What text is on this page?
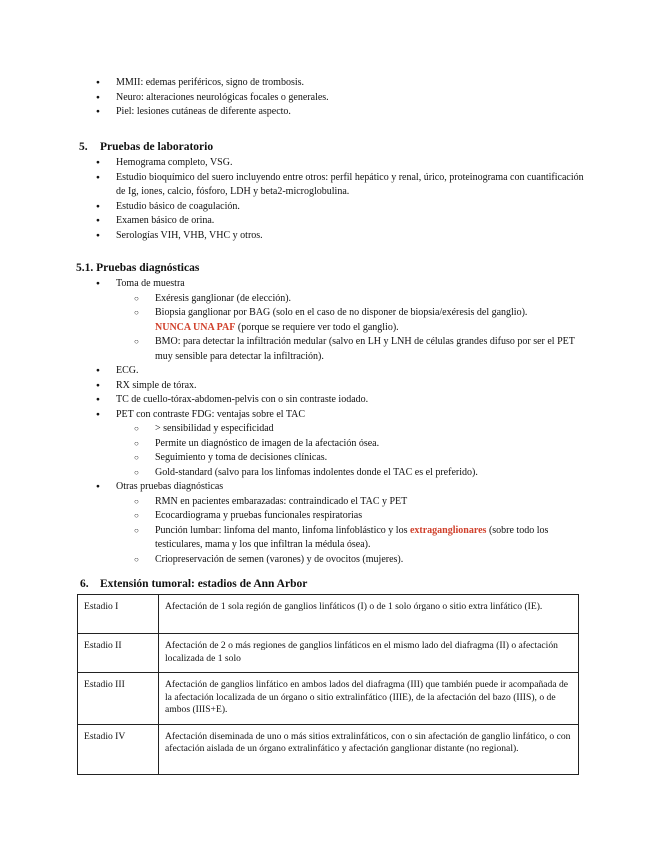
● MMII: edemas periféricos, signo de trombosis.
● Neuro: alteraciones neurológicas focales o generales.
● Piel: lesiones cutáneas de diferente aspecto.
5. Pruebas de laboratorio
● Hemograma completo, VSG.
● Estudio bioquímico del suero incluyendo entre otros: perfil hepático y renal, úrico, proteinograma con cuantificación de Ig, iones, calcio, fósforo, LDH y beta2-microglobulina.
● Estudio básico de coagulación.
● Examen básico de orina.
● Serologías VIH, VHB, VHC y otros.
5.1. Pruebas diagnósticas
● Toma de muestra
○ Exéresis ganglionar (de elección).
○ Biopsia ganglionar por BAG (solo en el caso de no disponer de biopsia/exéresis del ganglio).
NUNCA UNA PAF (porque se requiere ver todo el ganglio).
○ BMO: para detectar la infiltración medular (salvo en LH y LNH de células grandes difuso por ser el PET muy sensible para detectar la infiltración).
● ECG.
● RX simple de tórax.
● TC de cuello-tórax-abdomen-pelvis con o sin contraste iodado.
● PET con contraste FDG: ventajas sobre el TAC
○ > sensibilidad y especificidad
○ Permite un diagnóstico de imagen de la afectación ósea.
○ Seguimiento y toma de decisiones clínicas.
○ Gold-standard (salvo para los linfomas indolentes donde el TAC es el preferido).
● Otras pruebas diagnósticas
○ RMN en pacientes embarazadas: contraindicado el TAC y PET
○ Ecocardiograma y pruebas funcionales respiratorias
○ Punción lumbar: linfoma del manto, linfoma linfoblástico y los extraganglionares (sobre todo los testiculares, mama y los que infiltran la médula ósea).
○ Criopreservación de semen (varones) y de ovocitos (mujeres).
6. Extensión tumoral: estadios de Ann Arbor
Estadio I	Afectación de 1 sola región de ganglios linfáticos (I) o de 1 solo órgano o sitio extra linfático (IE).
Estadio II	Afectación de 2 o más regiones de ganglios linfáticos en el mismo lado del diafragma (II) o afectación localizada de 1 solo
Estadio III	Afectación de ganglios linfático en ambos lados del diafragma (III) que también puede ir acompañada de la afectación localizada de un órgano o sitio extralinfático (IIIE), de la afectación del bazo (IIIS), o de ambos (IIIS+E).
Estadio IV	Afectación diseminada de uno o más sitios extralinfáticos, con o sin afectación de ganglio linfático, o con afectación aislada de un órgano extralinfático y afectación ganglionar distante (no regional).
